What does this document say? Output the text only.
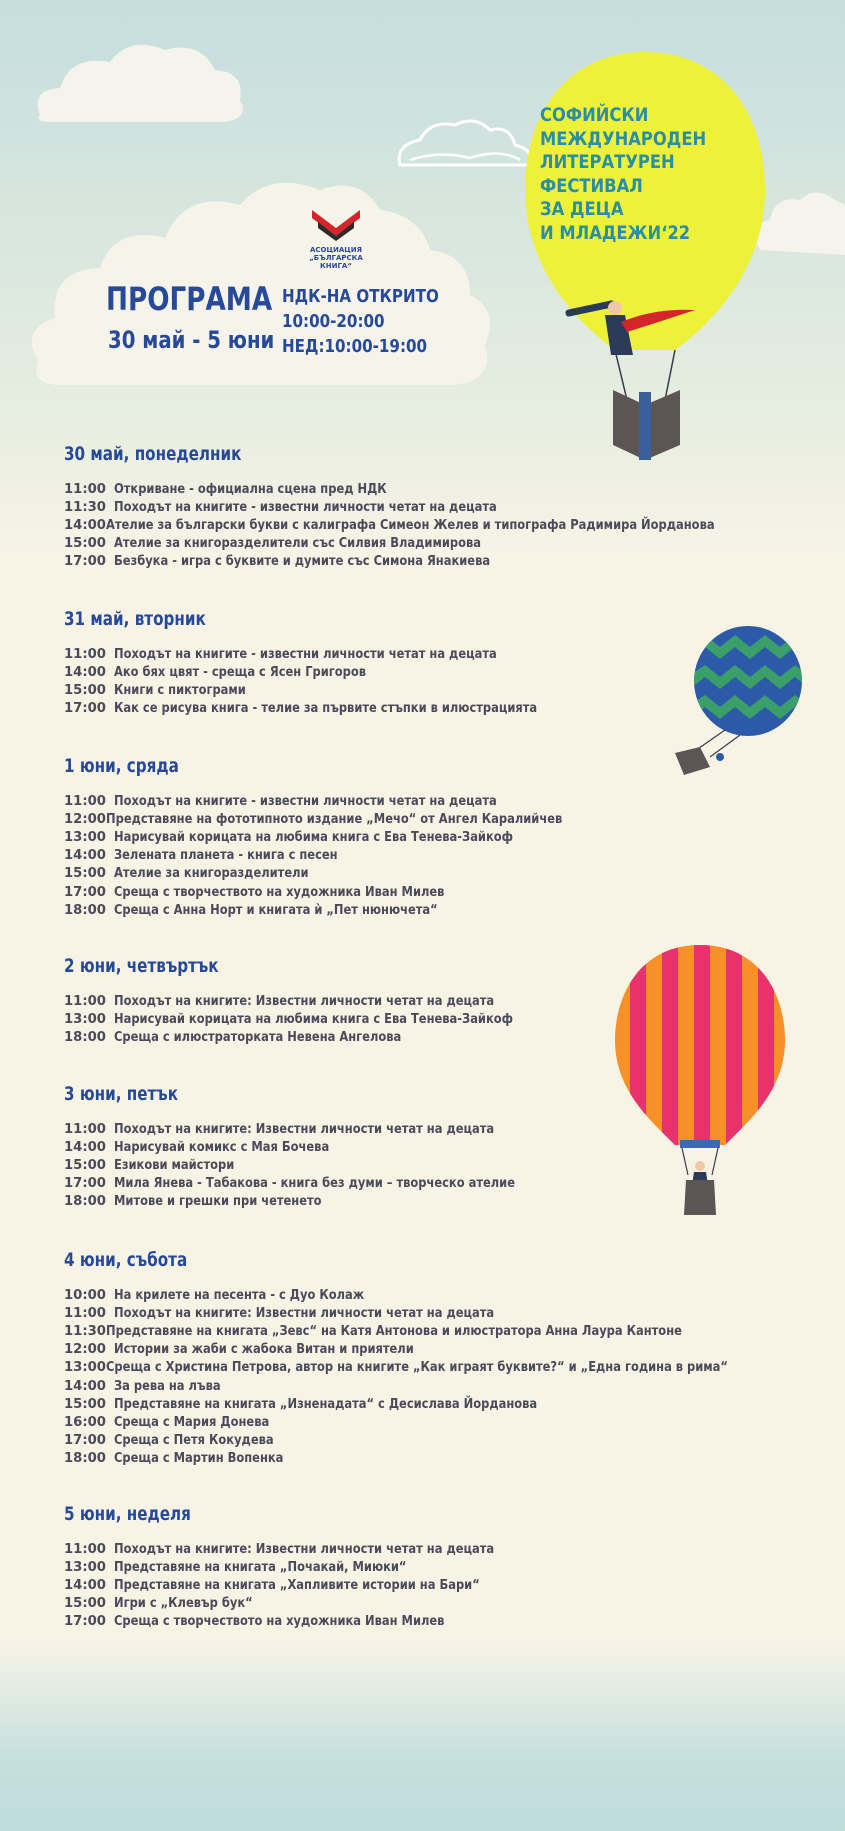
СОФИЙСКИ
МЕЖДУНАРОДЕН
ЛИТЕРАТУРЕН
ФЕСТИВАЛ
ЗА ДЕЦА
И МЛАДЕЖИ‘22
АСОЦИАЦИЯ
„БЪЛГАРСКА КНИГА“
ПРОГРАМА
30 май - 5 юни
НДК-НА ОТКРИТО
10:00-20:00
НЕД:10:00-19:00
30 май, понеделник
11:00 Откриване - официална сцена пред НДК
11:30 Походът на книгите - известни личности четат на децата
14:00 Ателие за български букви с калиграфа Симеон Желев и типографа Радимира Йорданова
15:00 Ателие за книгоразделители със Силвия Владимирова
17:00 Безбука - игра с буквите и думите със Симона Янакиева
31 май, вторник
11:00 Походът на книгите - известни личности четат на децата
14:00 Ако бях цвят - среща с Ясен Григоров
15:00 Книги с пиктограми
17:00 Как се рисува книга - телие за първите стъпки в илюстрацията
1 юни, сряда
11:00 Походът на книгите - известни личности четат на децата
12:00 Представяне на фототипното издание „Мечо“ от Ангел Каралийчев
13:00 Нарисувай корицата на любима книга с Ева Тенева-Зайкоф
14:00 Зелената планета - книга с песен
15:00 Ателие за книгоразделители
17:00 Среща с творчеството на художника Иван Милев
18:00 Среща с Анна Норт и книгата ѝ „Пет нюнючета“
2 юни, четвъртък
11:00 Походът на книгите: Известни личности четат на децата
13:00 Нарисувай корицата на любима книга с Ева Тенева-Зайкоф
18:00 Среща с илюстраторката Невена Ангелова
3 юни, петък
11:00 Походът на книгите: Известни личности четат на децата
14:00 Нарисувай комикс с Мая Бочева
15:00 Езикови майстори
17:00 Мила Янева - Табакова - книга без думи – творческо ателие
18:00 Митове и грешки при четенето
4 юни, събота
10:00 На крилете на песента - с Дуо Колаж
11:00 Походът на книгите: Известни личности четат на децата
11:30 Представяне на книгата „Зевс“ на Катя Антонова и илюстратора Анна Лаура Кантоне
12:00 Истории за жаби с жабока Витан и приятели
13:00 Среща с Христина Петрова, автор на книгите „Как играят буквите?“ и „Една година в рима“
14:00 За рева на лъва
15:00 Представяне на книгата „Изненадата“ с Десислава Йорданова
16:00 Среща с Мария Донева
17:00 Среща с Петя Кокудева
18:00 Среща с Мартин Вопенка
5 юни, неделя
11:00 Походът на книгите: Известни личности четат на децата
13:00 Представяне на книгата „Почакай, Миюки“
14:00 Представяне на книгата „Хапливите истории на Бари“
15:00 Игри с „Клевър бук“
17:00 Среща с творчеството на художника Иван Милев
